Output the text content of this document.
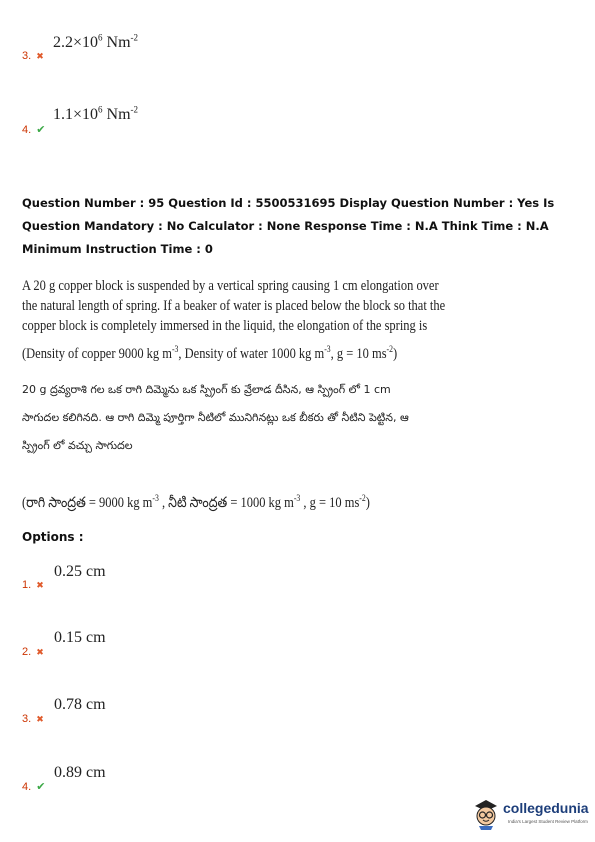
3. ✖
$2.2\times 10^6$ $Nm^{-2}$
4. ✔
$1.1\times 10^6$ $Nm^{-2}$
Question Number : 95 Question Id : 5500531695 Display Question Number : Yes Is Question Mandatory : No Calculator : None Response Time : N.A Think Time : N.A Minimum Instruction Time : 0
A 20 g copper block is suspended by a vertical spring causing 1 cm elongation over
the natural length of spring. If a beaker of water is placed below the block so that the
copper block is completely immersed in the liquid, the elongation of the spring is
(Density of copper 9000 kg $m^{-3}$, Density of water 1000 kg $m^{-3}$, g = 10 $ms^{-2}$)
20 g ద్రవ్యరాశి గల ఒక రాగి దిమ్మెను ఒక స్ప్రింగ్ కు వ్రేలాడ దీసిన, ఆ స్ప్రింగ్ లో 1 cm
సాగుదల కలిగినది. ఆ రాగి దిమ్మె పూర్తిగా నీటిలో మునిగినట్లు ఒక బీకరు తో నీటిని పెట్టిన, ఆ
స్ప్రింగ్ లో వచ్చు సాగుదల
(రాగి సాంద్రత = 9000 kg $m^{-3}$ , నీటి సాంద్రత = 1000 kg $m^{-3}$ , g = 10 $ms^{-2}$)
Options :
1. ✖
0.25 cm
2. ✖
0.15 cm
3. ✖
0.78 cm
4. ✔
0.89 cm
collegedunia
India's Largest Student Review Platform
